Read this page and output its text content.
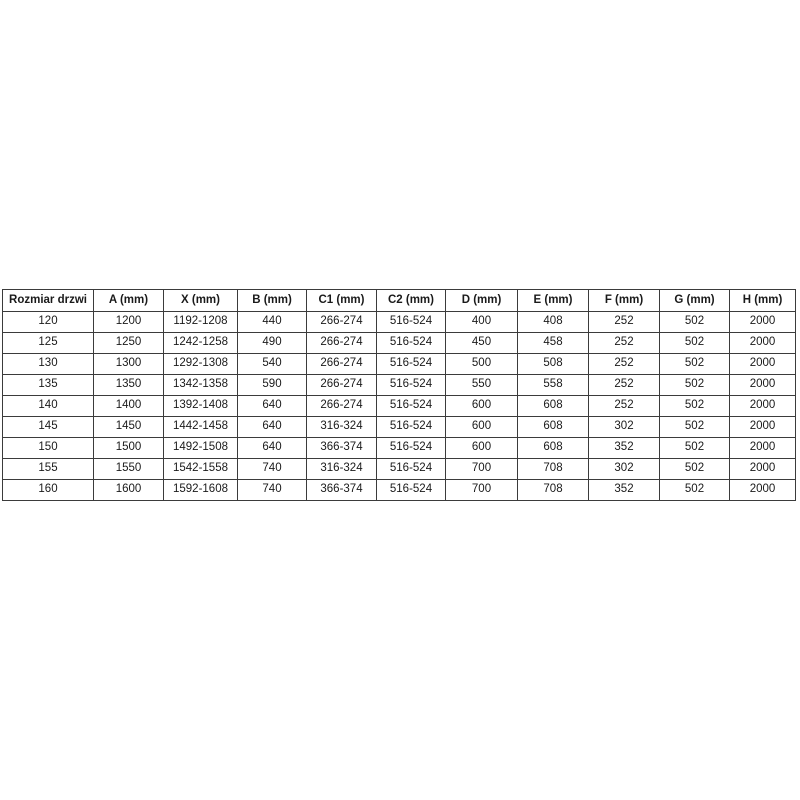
Rozmiar drzwi	A (mm)	X (mm)	B (mm)	C1 (mm)	C2 (mm)	D (mm)	E (mm)	F (mm)	G (mm)	H (mm)
120	1200	1192-1208	440	266-274	516-524	400	408	252	502	2000
125	1250	1242-1258	490	266-274	516-524	450	458	252	502	2000
130	1300	1292-1308	540	266-274	516-524	500	508	252	502	2000
135	1350	1342-1358	590	266-274	516-524	550	558	252	502	2000
140	1400	1392-1408	640	266-274	516-524	600	608	252	502	2000
145	1450	1442-1458	640	316-324	516-524	600	608	302	502	2000
150	1500	1492-1508	640	366-374	516-524	600	608	352	502	2000
155	1550	1542-1558	740	316-324	516-524	700	708	302	502	2000
160	1600	1592-1608	740	366-374	516-524	700	708	352	502	2000
